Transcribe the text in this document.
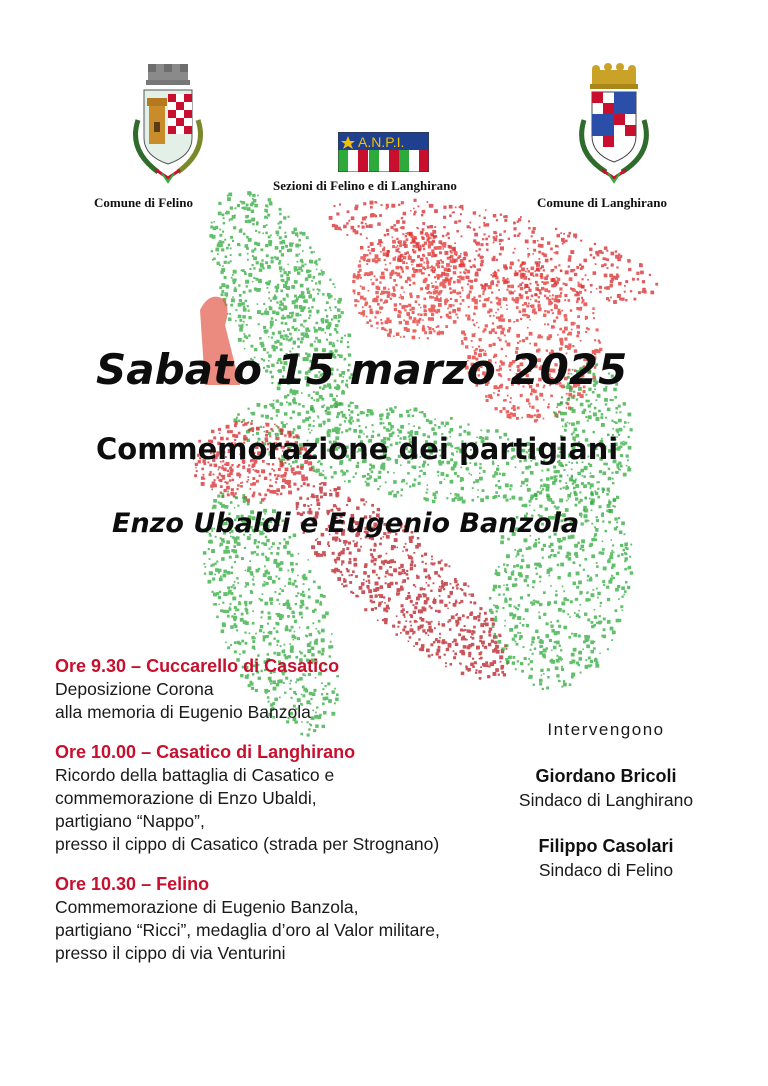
Comune di Felino
A.N.P.I.
Sezioni di Felino e di Langhirano
Comune di Langhirano
Sabato 15 marzo 2025
Commemorazione dei partigiani
Enzo Ubaldi e Eugenio Banzola
Ore 9.30 – Cuccarello di Casatico
Deposizione Corona
alla memoria di Eugenio Banzola
Ore 10.00 – Casatico di Langhirano
Ricordo della battaglia di Casatico e
commemorazione di Enzo Ubaldi,
partigiano “Nappo”,
presso il cippo di Casatico (strada per Strognano)
Ore 10.30 – Felino
Commemorazione di Eugenio Banzola,
partigiano “Ricci”, medaglia d’oro al Valor militare,
presso il cippo di via Venturini
Intervengono
Giordano Bricoli
Sindaco di Langhirano
Filippo Casolari
Sindaco di Felino
